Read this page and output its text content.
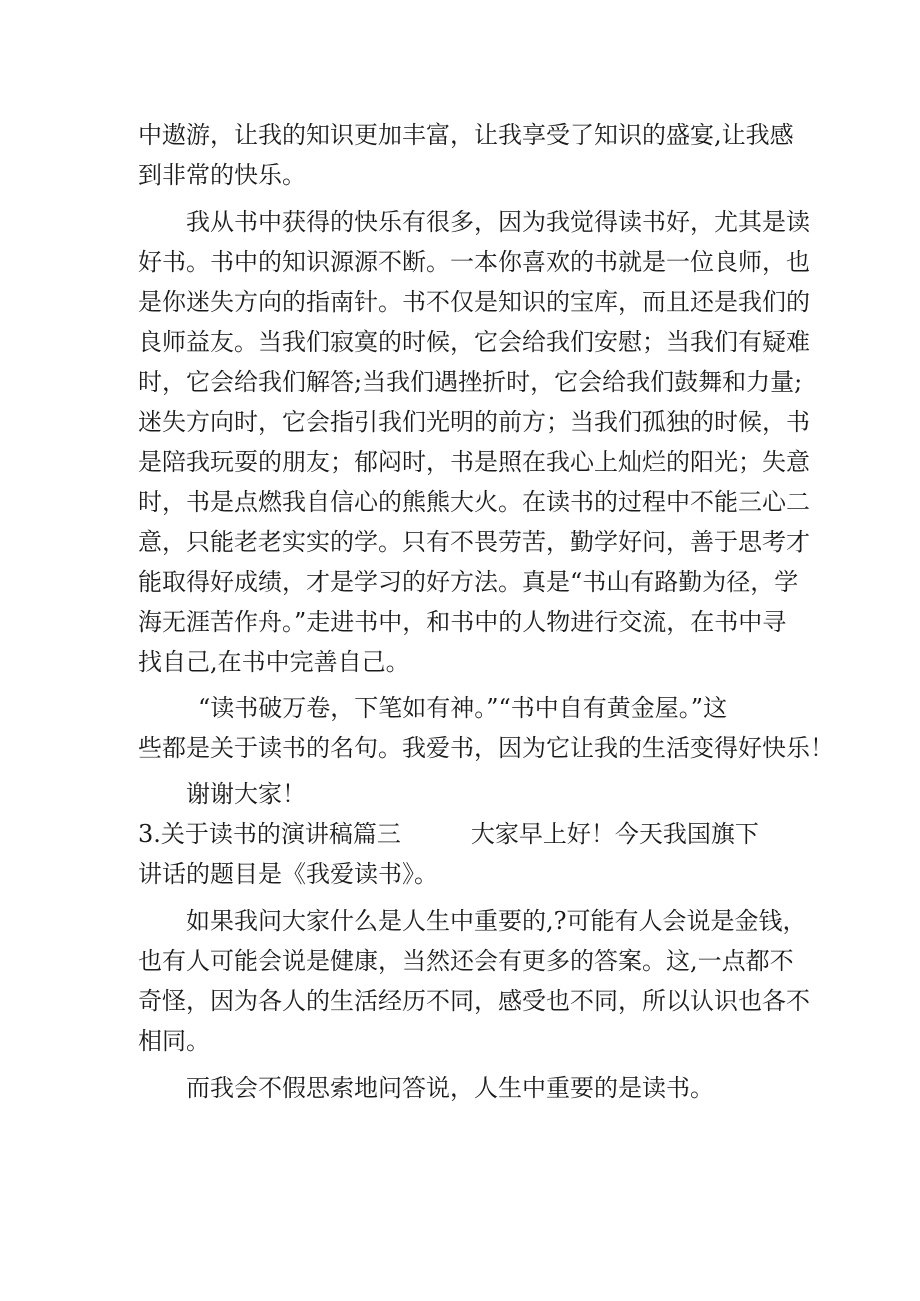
中遨游，让我的知识更加丰富，让我享受了知识的盛宴,让我感
到非常的快乐。
我从书中获得的快乐有很多，因为我觉得读书好，尤其是读
好书。书中的知识源源不断。一本你喜欢的书就是一位良师，也
是你迷失方向的指南针。书不仅是知识的宝库，而且还是我们的
良师益友。当我们寂寞的时候，它会给我们安慰；当我们有疑难
时，它会给我们解答;当我们遇挫折时，它会给我们鼓舞和力量;
迷失方向时，它会指引我们光明的前方；当我们孤独的时候，书
是陪我玩耍的朋友；郁闷时，书是照在我心上灿烂的阳光；失意
时，书是点燃我自信心的熊熊大火。在读书的过程中不能三心二
意，只能老老实实的学。只有不畏劳苦，勤学好问，善于思考才
能取得好成绩，才是学习的好方法。真是“书山有路勤为径，学
海无涯苦作舟。”走进书中，和书中的人物进行交流，在书中寻
找自己,在书中完善自己。
“读书破万卷，下笔如有神。”“书中自有黄金屋。”这
些都是关于读书的名句。我爱书，因为它让我的生活变得好快乐！
谢谢大家！
3.关于读书的演讲稿篇三	大家早上好！今天我国旗下
讲话的题目是《我爱读书》。
如果我问大家什么是人生中重要的,?可能有人会说是金钱，
也有人可能会说是健康，当然还会有更多的答案。这,一点都不
奇怪，因为各人的生活经历不同，感受也不同，所以认识也各不
相同。
而我会不假思索地问答说，人生中重要的是读书。
